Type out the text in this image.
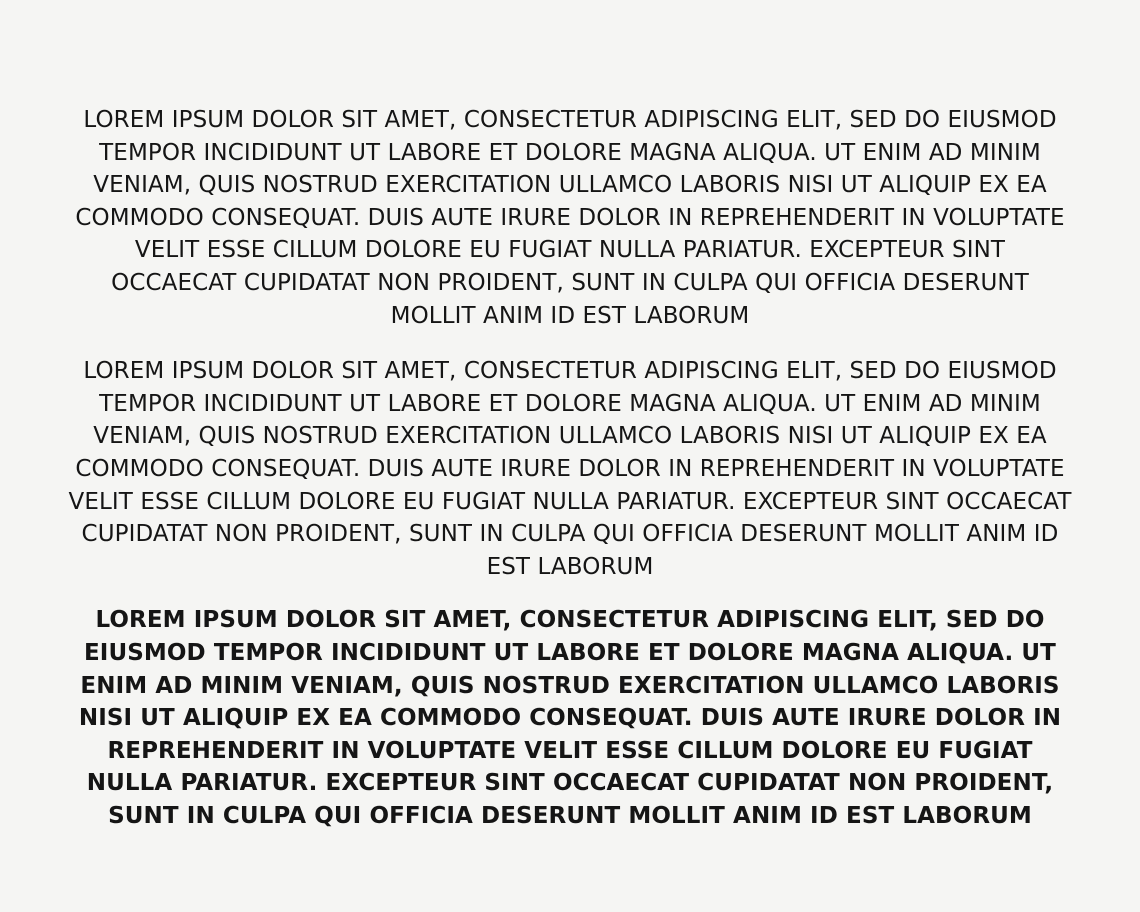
LOREM IPSUM DOLOR SIT AMET, CONSECTETUR ADIPISCING ELIT, SED DO EIUSMOD TEMPOR INCIDIDUNT UT LABORE ET DOLORE MAGNA ALIQUA. UT ENIM AD MINIM VENIAM, QUIS NOSTRUD EXERCITATION ULLAMCO LABORIS NISI UT ALIQUIP EX EA COMMODO CONSEQUAT. DUIS AUTE IRURE DOLOR IN REPREHENDERIT IN VOLUPTATE VELIT ESSE CILLUM DOLORE EU FUGIAT NULLA PARIATUR. EXCEPTEUR SINT OCCAECAT CUPIDATAT NON PROIDENT, SUNT IN CULPA QUI OFFICIA DESERUNT MOLLIT ANIM ID EST LABORUM

LOREM IPSUM DOLOR SIT AMET, CONSECTETUR ADIPISCING ELIT, SED DO EIUSMOD TEMPOR INCIDIDUNT UT LABORE ET DOLORE MAGNA ALIQUA. UT ENIM AD MINIM VENIAM, QUIS NOSTRUD EXERCITATION ULLAMCO LABORIS NISI UT ALIQUIP EX EA COMMODO CONSEQUAT. DUIS AUTE IRURE DOLOR IN REPREHENDERIT IN VOLUPTATE VELIT ESSE CILLUM DOLORE EU FUGIAT NULLA PARIATUR. EXCEPTEUR SINT OCCAECAT CUPIDATAT NON PROIDENT, SUNT IN CULPA QUI OFFICIA DESERUNT MOLLIT ANIM ID EST LABORUM

LOREM IPSUM DOLOR SIT AMET, CONSECTETUR ADIPISCING ELIT, SED DO EIUSMOD TEMPOR INCIDIDUNT UT LABORE ET DOLORE MAGNA ALIQUA. UT ENIM AD MINIM VENIAM, QUIS NOSTRUD EXERCITATION ULLAMCO LABORIS NISI UT ALIQUIP EX EA COMMODO CONSEQUAT. DUIS AUTE IRURE DOLOR IN REPREHENDERIT IN VOLUPTATE VELIT ESSE CILLUM DOLORE EU FUGIAT NULLA PARIATUR. EXCEPTEUR SINT OCCAECAT CUPIDATAT NON PROIDENT, SUNT IN CULPA QUI OFFICIA DESERUNT MOLLIT ANIM ID EST LABORUM
